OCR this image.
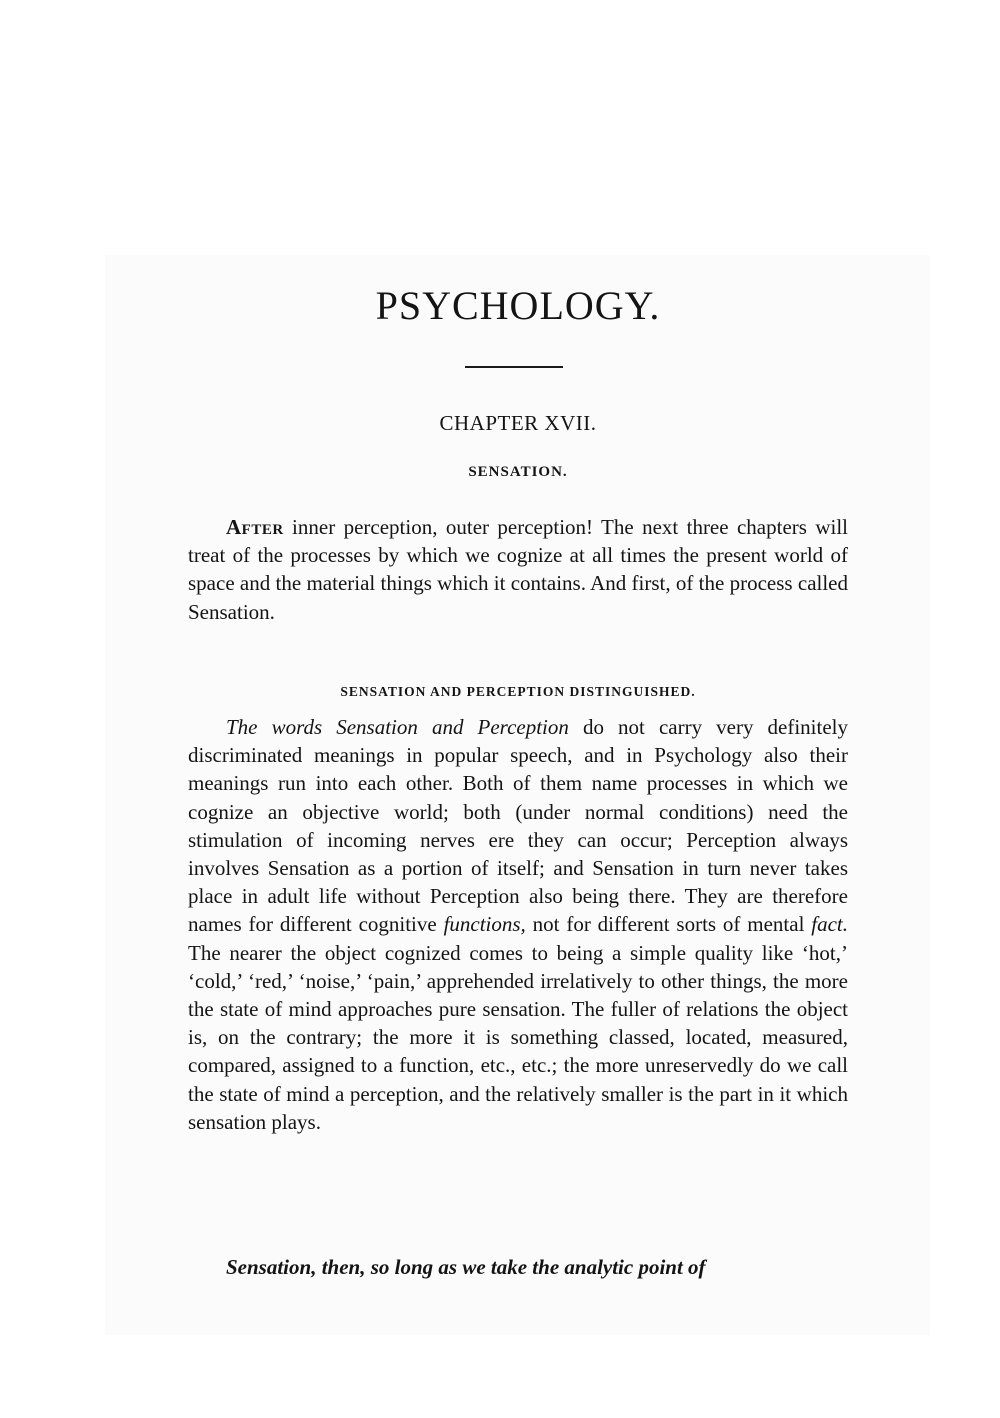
PSYCHOLOGY.
CHAPTER XVII.
SENSATION.

After inner perception, outer perception! The next three chapters will treat of the processes by which we cognize at all times the present world of space and the material things which it contains. And first, of the process called Sensation.

SENSATION AND PERCEPTION DISTINGUISHED.

The words Sensation and Perception do not carry very definitely discriminated meanings in popular speech, and in Psychology also their meanings run into each other. Both of them name processes in which we cognize an objective world; both (under normal conditions) need the stimulation of incoming nerves ere they can occur; Perception always involves Sensation as a portion of itself; and Sensation in turn never takes place in adult life without Perception also being there. They are therefore names for different cognitive functions, not for different sorts of mental fact. The nearer the object cognized comes to being a simple quality like ‘hot,’ ‘cold,’ ‘red,’ ‘noise,’ ‘pain,’ apprehended irrelatively to other things, the more the state of mind approaches pure sensation. The fuller of relations the object is, on the contrary; the more it is something classed, located, measured, compared, assigned to a function, etc., etc.; the more unreservedly do we call the state of mind a perception, and the relatively smaller is the part in it which sensation plays.

Sensation, then, so long as we take the analytic point of
